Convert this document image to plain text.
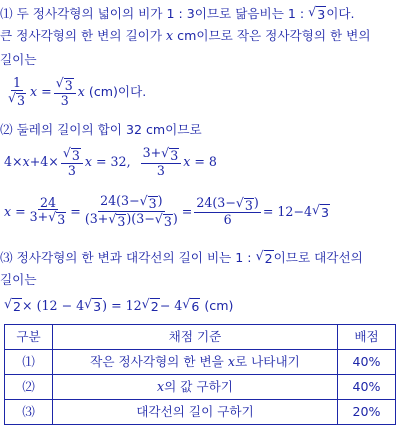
⑴
두 정사각형의 넓이의 비가 1 : 3이므로 닮음비는 1 :
√ 3 이다.
큰 정사각형의 한 변의 길이가
x
cm이므로 작은 정사각형의 한 변의
길이는
$\frac{1}{√ 3}$ x
= $\frac{√ 3}{3}$ x
(cm)이다.
⑵
둘레의 길이의 합이 32 cm이므로
$4\times x +4\times \frac{√ 3}{3}$ x
= 32,
$\frac{3+ √ 3}{3}$ x
= 8
$x = \frac{24}{3+ √ 3} = \frac{24(3- √ 3 )}{(3+ √ 3 )(3- √ 3 )} = \frac{24(3- √ 3 )}{6} = 12-4$ √ 3
⑶
정사각형의 한 변과 대각선의 길이 비는 1 :
√ 2 이므로 대각선의
길이는
√ 2 × (12 − 4 √ 3 ) = 12 √ 2 − 4 √ 6
(cm)
구분	채점 기준	배점
⑴	작은 정사각형의 한 변을 x로 나타내기	40%
⑵	x의 값 구하기	40%
⑶	대각선의 길이 구하기	20%
